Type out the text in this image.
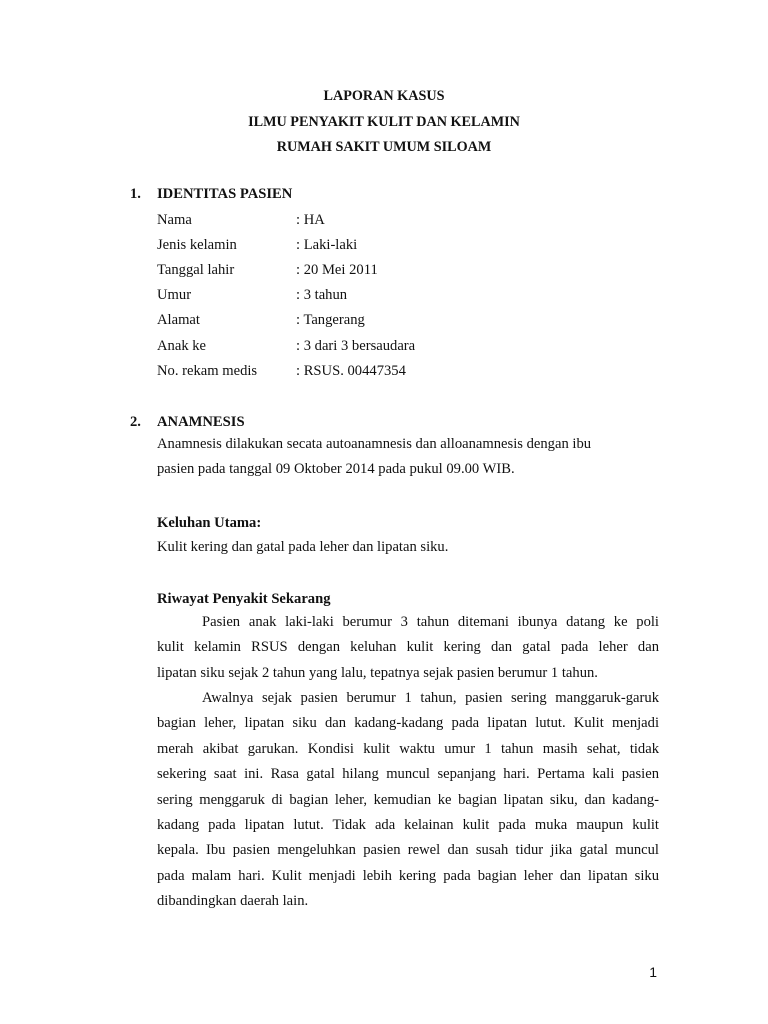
LAPORAN KASUS
ILMU PENYAKIT KULIT DAN KELAMIN
RUMAH SAKIT UMUM SILOAM
1. IDENTITAS PASIEN
Nama	: HA
Jenis kelamin	: Laki-laki
Tanggal lahir	: 20 Mei 2011
Umur	: 3 tahun
Alamat	: Tangerang
Anak ke	: 3 dari 3 bersaudara
No. rekam medis	: RSUS. 00447354
2. ANAMNESIS
Anamnesis dilakukan secata autoanamnesis dan alloanamnesis dengan ibu
pasien pada tanggal 09 Oktober 2014 pada pukul 09.00 WIB.
Keluhan Utama:
Kulit kering dan gatal pada leher dan lipatan siku.
Riwayat Penyakit Sekarang
Pasien anak laki-laki berumur 3 tahun ditemani ibunya datang ke poli
kulit kelamin RSUS dengan keluhan kulit kering dan gatal pada leher dan
lipatan siku sejak 2 tahun yang lalu, tepatnya sejak pasien berumur 1 tahun.
Awalnya sejak pasien berumur 1 tahun, pasien sering manggaruk-garuk
bagian leher, lipatan siku dan kadang-kadang pada lipatan lutut. Kulit menjadi
merah akibat garukan. Kondisi kulit waktu umur 1 tahun masih sehat, tidak
sekering saat ini. Rasa gatal hilang muncul sepanjang hari. Pertama kali pasien
sering menggaruk di bagian leher, kemudian ke bagian lipatan siku, dan kadang-
kadang pada lipatan lutut. Tidak ada kelainan kulit pada muka maupun kulit
kepala. Ibu pasien mengeluhkan pasien rewel dan susah tidur jika gatal muncul
pada malam hari. Kulit menjadi lebih kering pada bagian leher dan lipatan siku
dibandingkan daerah lain.
1
